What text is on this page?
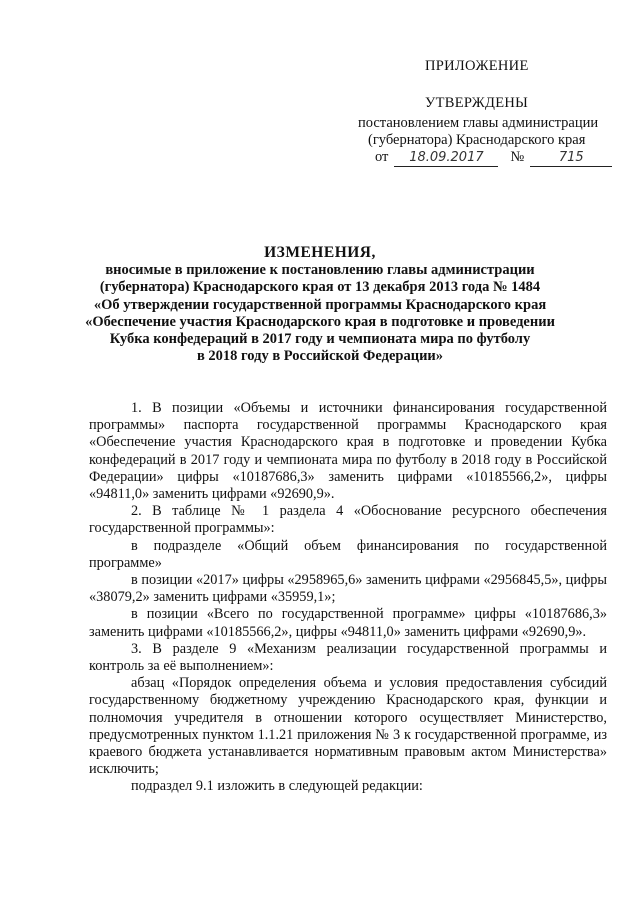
ПРИЛОЖЕНИЕ
УТВЕРЖДЕНЫ
постановлением главы администрации
(губернатора) Краснодарского края
от 18.09.2017 №	715
ИЗМЕНЕНИЯ,
вносимые в приложение к постановлению главы администрации
(губернатора) Краснодарского края от 13 декабря 2013 года № 1484
«Об утверждении государственной программы Краснодарского края
«Обеспечение участия Краснодарского края в подготовке и проведении
Кубка конфедераций в 2017 году и чемпионата мира по футболу
в 2018 году в Российской Федерации»

1. В позиции «Объемы и источники финансирования государственной программы» паспорта государственной программы Краснодарского края «Обеспечение участия Краснодарского края в подготовке и проведении Кубка конфедераций в 2017 году и чемпионата мира по футболу в 2018 году в Российской Федерации» цифры «10187686,3» заменить цифрами «10185566,2», цифры «94811,0» заменить цифрами «92690,9».

2. В таблице № 1 раздела 4 «Обоснование ресурсного обеспечения государственной программы»:

в подразделе «Общий объем финансирования по государственной программе»

в позиции «2017» цифры «2958965,6» заменить цифрами «2956845,5», цифры «38079,2» заменить цифрами «35959,1»;

в позиции «Всего по государственной программе» цифры «10187686,3» заменить цифрами «10185566,2», цифры «94811,0» заменить цифрами «92690,9».

3. В разделе 9 «Механизм реализации государственной программы и контроль за её выполнением»:

абзац «Порядок определения объема и условия предоставления субсидий государственному бюджетному учреждению Краснодарского края, функции и полномочия учредителя в отношении которого осуществляет Министерство, предусмотренных пунктом 1.1.21 приложения № 3 к государственной программе, из краевого бюджета устанавливается нормативным правовым актом Министерства» исключить;

подраздел 9.1 изложить в следующей редакции:
